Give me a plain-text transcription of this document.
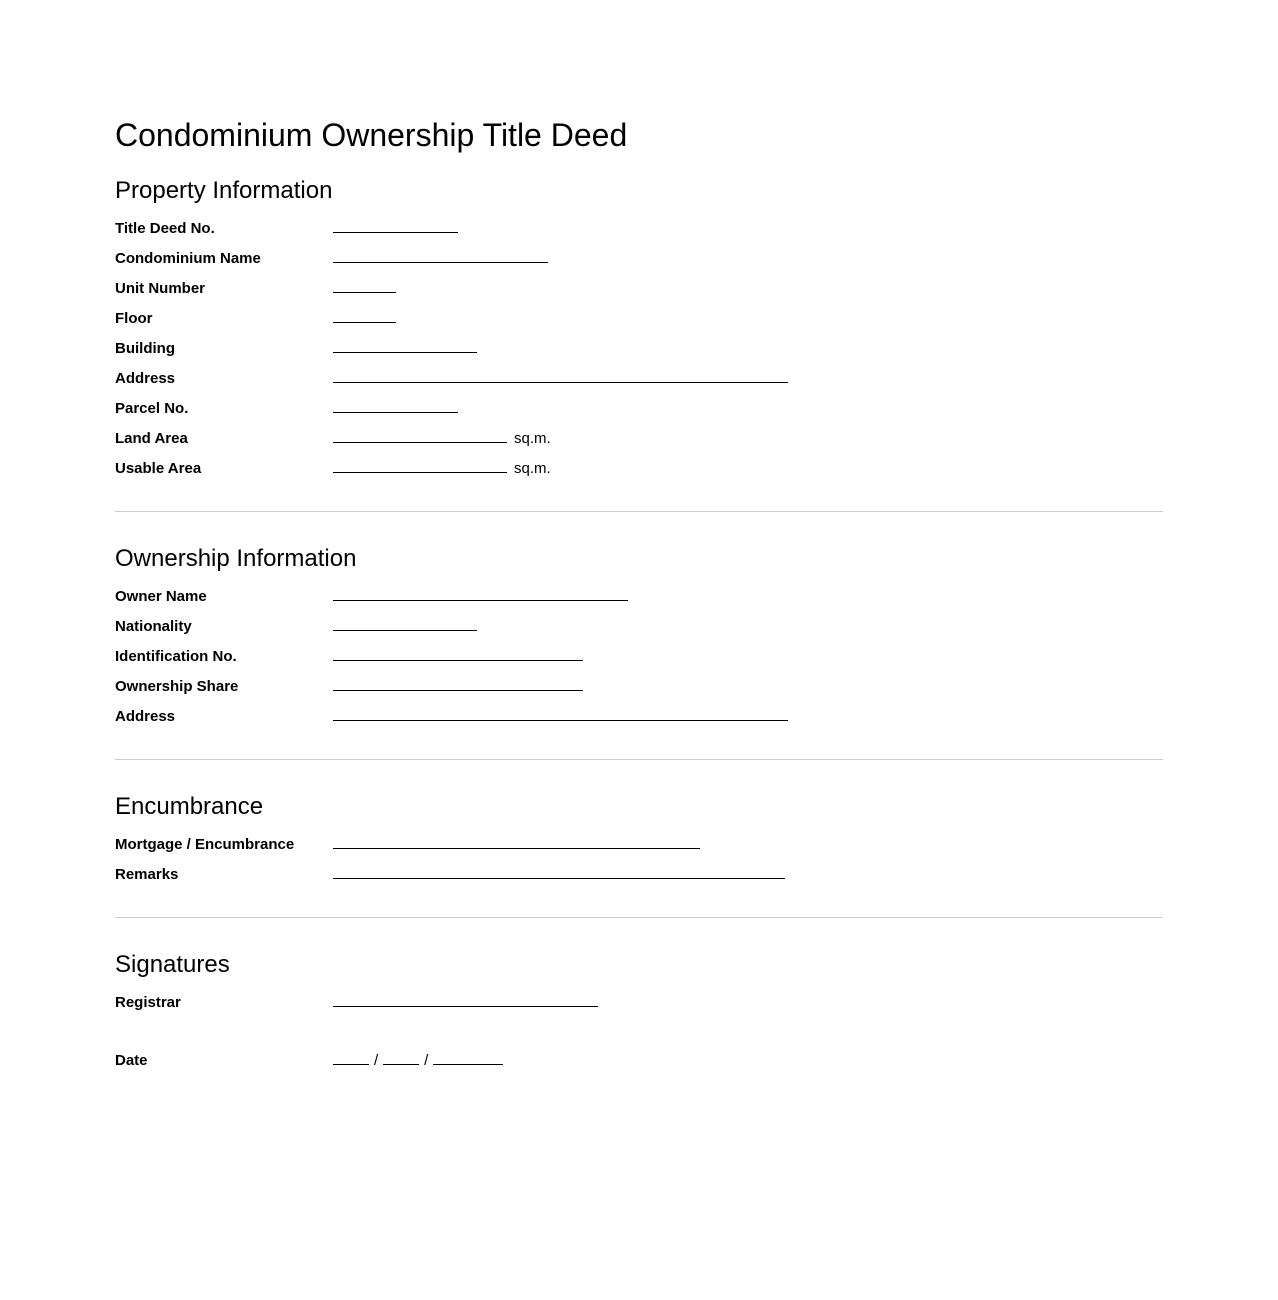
Condominium Ownership Title Deed
Property Information
Title Deed No.
Condominium Name
Unit Number
Floor
Building
Address
Parcel No.
Land Area	sq.m.
Usable Area	sq.m.
Ownership Information
Owner Name
Nationality
Identification No.
Ownership Share
Address
Encumbrance
Mortgage / Encumbrance
Remarks
Signatures
Registrar
Date	/	/
